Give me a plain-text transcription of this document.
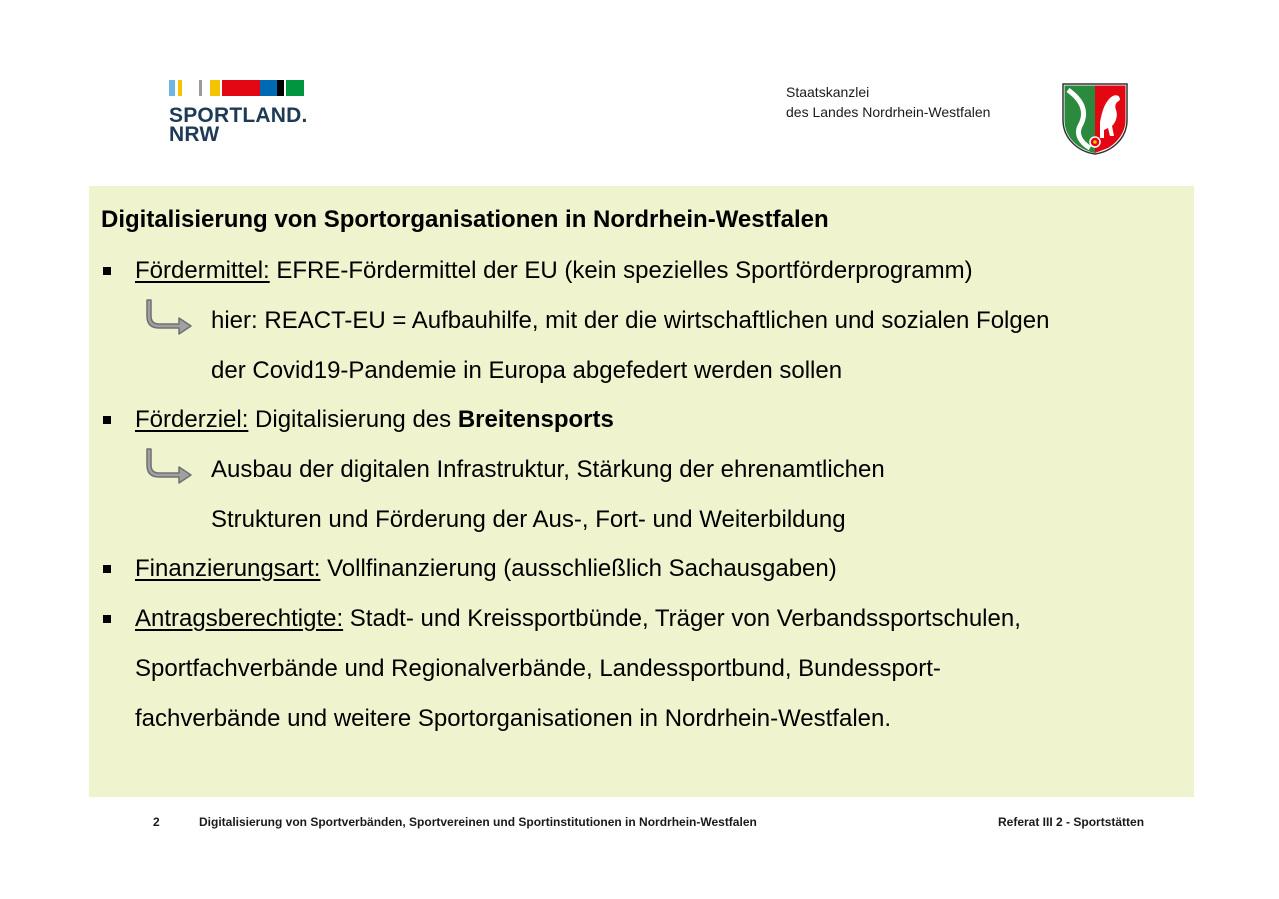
SPORTLAND.
NRW
Staatskanzlei
des Landes Nordrhein-Westfalen
Digitalisierung von Sportorganisationen in Nordrhein-Westfalen
Fördermittel: EFRE-Fördermittel der EU (kein spezielles Sportförderprogramm)
hier: REACT-EU = Aufbauhilfe, mit der die wirtschaftlichen und sozialen Folgen
der Covid19-Pandemie in Europa abgefedert werden sollen
Förderziel: Digitalisierung des Breitensports
Ausbau der digitalen Infrastruktur, Stärkung der ehrenamtlichen
Strukturen und Förderung der Aus-, Fort- und Weiterbildung
Finanzierungsart: Vollfinanzierung (ausschließlich Sachausgaben)
Antragsberechtigte: Stadt- und Kreissportbünde, Träger von Verbandssportschulen,
Sportfachverbände und Regionalverbände, Landessportbund, Bundessport-
fachverbände und weitere Sportorganisationen in Nordrhein-Westfalen.
2	Digitalisierung von Sportverbänden, Sportvereinen und Sportinstitutionen in Nordrhein-Westfalen	Referat III 2 - Sportstätten
